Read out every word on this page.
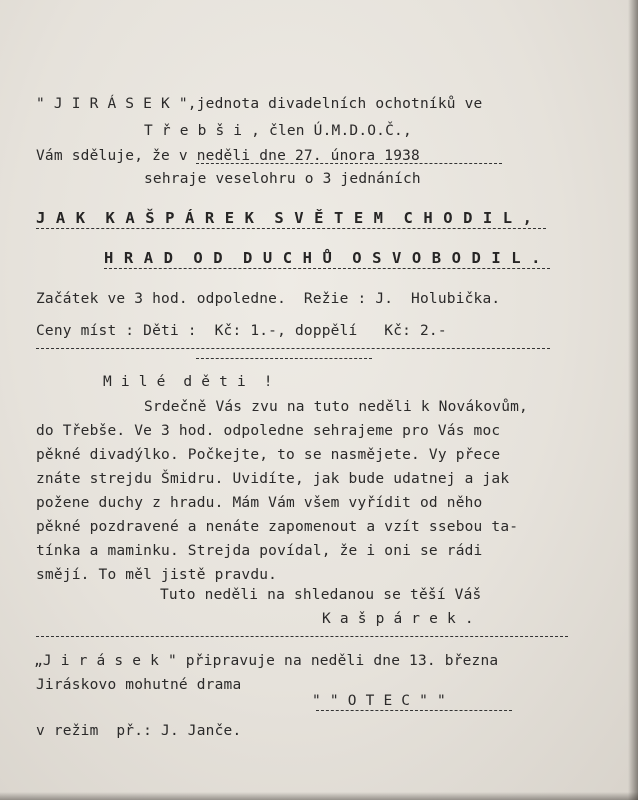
" J I R Á S E K ",jednota divadelních ochotníků ve
T ř e b š i , člen Ú.M.D.O.Č.,
Vám sděluje, že v neděli dne 27. února 1938
sehraje veselohru o 3 jednáních
J A K  K A Š P Á R E K  S V Ě T E M  C H O D I L ,
H R A D  O D  D U C H Ů  O S V O B O D I L .
Začátek ve 3 hod. odpoledne.  Režie : J.  Holubička.
Ceny míst : Děti :  Kč: 1.-, doppělí   Kč: 2.-
M i l é  d ě t i  !
Srdečně Vás zvu na tuto neděli k Novákovům,
do Třebše. Ve 3 hod. odpoledne sehrajeme pro Vás moc
pěkné divadýlko. Počkejte, to se nasmějete. Vy přece
znáte strejdu Šmidru. Uvidíte, jak bude udatnej a jak
požene duchy z hradu. Mám Vám všem vyřídit od něho
pěkné pozdravené a nenáte zapomenout a vzít ssebou ta-
tínka a maminku. Strejda povídal, že i oni se rádi
smějí. To měl jistě pravdu.
Tuto neděli na shledanou se těší Váš
K a š p á r e k .
„J i r á s e k " připravuje na neděli dne 13. března
Jiráskovo mohutné drama
" " O T E C " "
v režim  př.: J. Janče.
